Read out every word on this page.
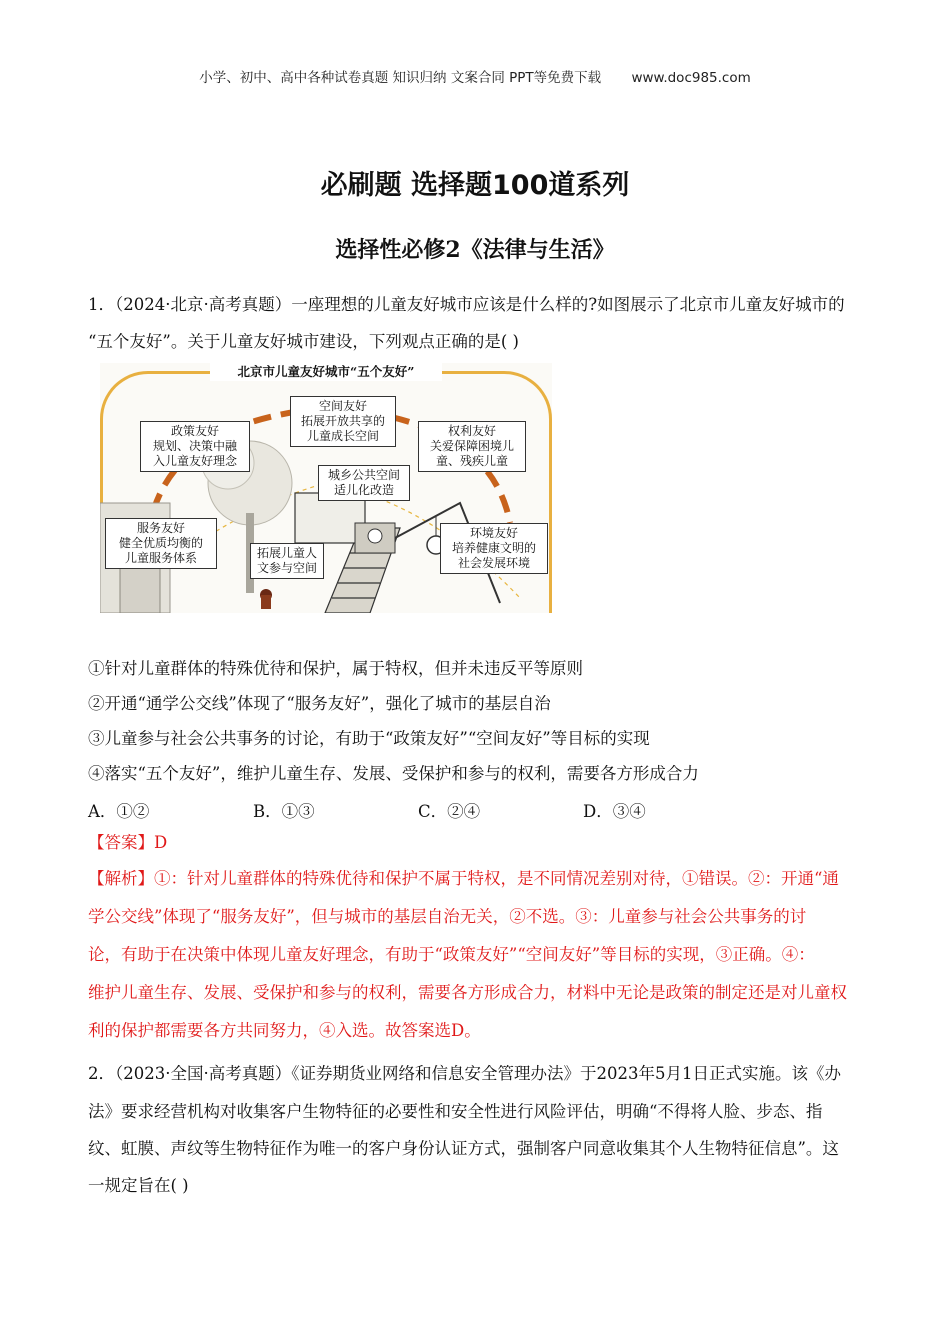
小学、初中、高中各种试卷真题 知识归纳 文案合同 PPT等免费下载 www.doc985.com
必刷题 选择题100道系列
选择性必修2《法律与生活》
1．（2024·北京·高考真题）一座理想的儿童友好城市应该是什么样的?如图展示了北京市儿童友好城市的
“五个友好”。关于儿童友好城市建设，下列观点正确的是( )
北京市儿童友好城市“五个友好”
政策友好
规划、决策中融
入儿童友好理念
空间友好
拓展开放共享的
儿童成长空间	权利友好
关爱保障困境儿
童、残疾儿童
城乡公共空间
适儿化改造
服务友好
健全优质均衡的
儿童服务体系	拓展儿童人
文参与空间
环境友好
培养健康文明的
社会发展环境
①针对儿童群体的特殊优待和保护，属于特权，但并未违反平等原则
②开通“通学公交线”体现了“服务友好”，强化了城市的基层自治
③儿童参与社会公共事务的讨论，有助于“政策友好”“空间友好”等目标的实现
④落实“五个友好”，维护儿童生存、发展、受保护和参与的权利，需要各方形成合力
A．①②	B．①③	C．②④	D．③④
【答案】D
【解析】①：针对儿童群体的特殊优待和保护不属于特权，是不同情况差别对待，①错误。②：开通“通
学公交线”体现了“服务友好”，但与城市的基层自治无关，②不选。③：儿童参与社会公共事务的讨
论，有助于在决策中体现儿童友好理念，有助于“政策友好”“空间友好”等目标的实现，③正确。④：
维护儿童生存、发展、受保护和参与的权利，需要各方形成合力，材料中无论是政策的制定还是对儿童权
利的保护都需要各方共同努力，④入选。故答案选D。
2．（2023·全国·高考真题）《证券期货业网络和信息安全管理办法》于2023年5月1日正式实施。该《办
法》要求经营机构对收集客户生物特征的必要性和安全性进行风险评估，明确“不得将人脸、步态、指
纹、虹膜、声纹等生物特征作为唯一的客户身份认证方式，强制客户同意收集其个人生物特征信息”。这
一规定旨在( )
